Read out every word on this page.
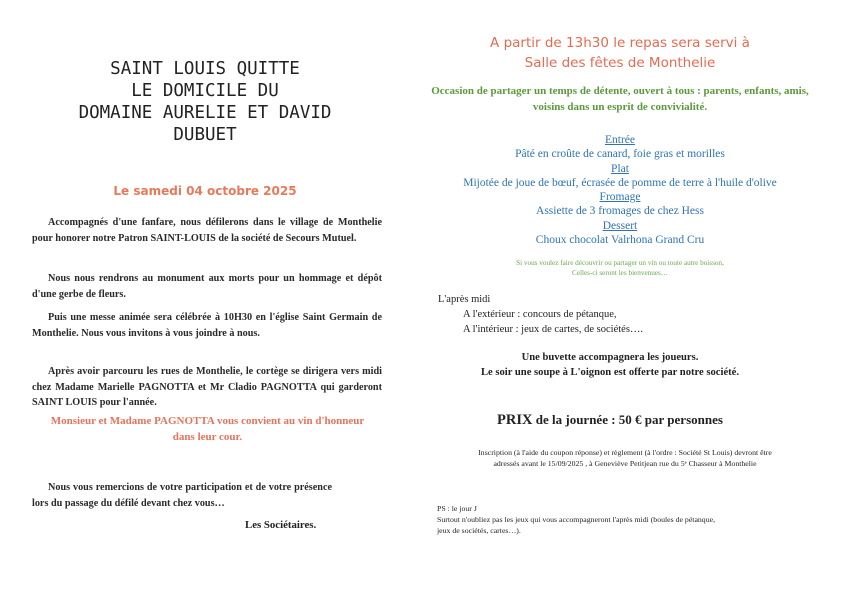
SAINT LOUIS QUITTE
LE DOMICILE DU
DOMAINE AURELIE ET DAVID
DUBUET
Le samedi 04 octobre 2025

Accompagnés d'une fanfare, nous défilerons dans le village de Monthelie pour honorer notre Patron SAINT-LOUIS de la société de Secours Mutuel.

Nous nous rendrons au monument aux morts pour un hommage et dépôt d'une gerbe de fleurs.

Puis une messe animée sera célébrée à 10H30 en l'église Saint Germain de Monthelie. Nous vous invitons à vous joindre à nous.

Après avoir parcouru les rues de Monthelie, le cortège se dirigera vers midi chez Madame Marielle PAGNOTTA et Mr Cladio PAGNOTTA qui garderont SAINT LOUIS pour l'année.

Monsieur et Madame PAGNOTTA vous convient au vin d'honneur dans leur cour.

Nous vous remercions de votre participation et de votre présence lors du passage du défilé devant chez vous…

Les Sociétaires.
A partir de 13h30 le repas sera servi à
Salle des fêtes de Monthelie
Occasion de partager un temps de détente, ouvert à tous : parents, enfants, amis, voisins dans un esprit de convivialité.
Entrée
Pâté en croûte de canard, foie gras et morilles
Plat
Mijotée de joue de bœuf, écrasée de pomme de terre à l'huile d'olive
Fromage
Assiette de 3 fromages de chez Hess
Dessert
Choux chocolat Valrhona Grand Cru
Si vous voulez faire découvrir ou partager un vin ou toute autre boisson,
Celles-ci seront les bienvenues…
L'après midi
A l'extérieur : concours de pétanque,
A l'intérieur : jeux de cartes, de sociétés….
Une buvette accompagnera les joueurs.
Le soir une soupe à L'oignon est offerte par notre société.
PRIX de la journée : 50 € par personnes
Inscription (à l'aide du coupon réponse) et règlement (à l'ordre : Société St Louis) devront être
adressés avant le 15/09/2025 , à Geneviève Petitjean rue du 5ᵉ Chasseur à Monthelie
PS : le jour J
Surtout n'oubliez pas les jeux qui vous accompagneront l'après midi (boules de pétanque,
jeux de sociétés, cartes…).
